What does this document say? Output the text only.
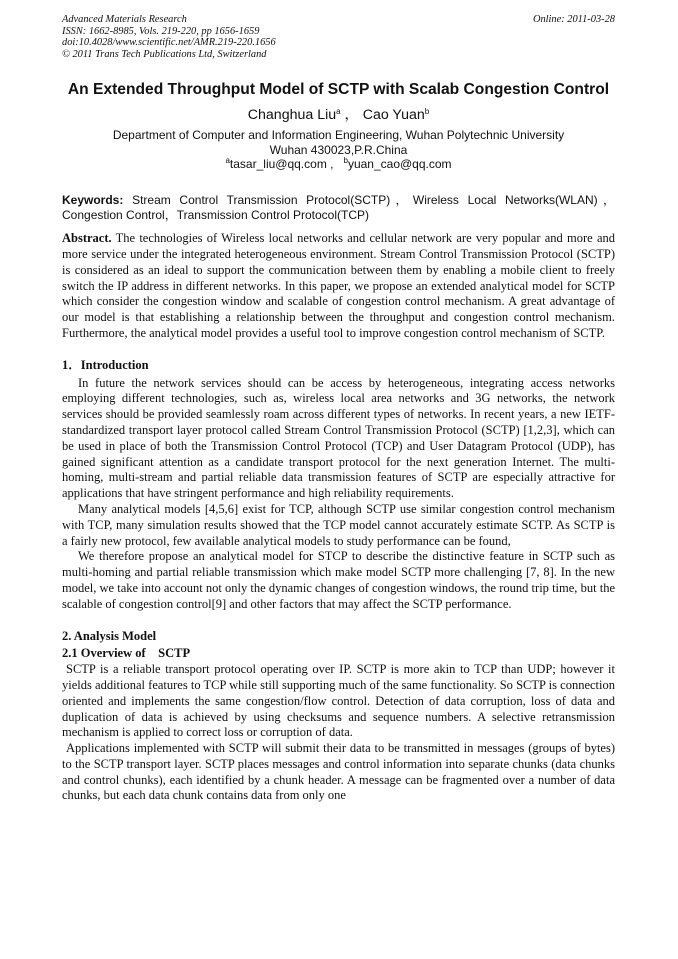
Advanced Materials Research
ISSN: 1662-8985, Vols. 219-220, pp 1656-1659
doi:10.4028/www.scientific.net/AMR.219-220.1656
© 2011 Trans Tech Publications Ltd, Switzerland
Online: 2011-03-28
An Extended Throughput Model of SCTP with Scalab Congestion Control
Changhua Liu$^a$ ， Cao Yuan$^b$
Department of Computer and Information Engineering, Wuhan Polytechnic University
Wuhan 430023,P.R.China
$^a$tasar_liu@qq.com , $^b$yuan_cao@qq.com
Keywords: Stream Control Transmission Protocol(SCTP)，Wireless Local Networks(WLAN)，Congestion Control，Transmission Control Protocol(TCP)

Abstract. The technologies of Wireless local networks and cellular network are very popular and more and more service under the integrated heterogeneous environment. Stream Control Transmission Protocol (SCTP) is considered as an ideal to support the communication between them by enabling a mobile client to freely switch the IP address in different networks. In this paper, we propose an extended analytical model for SCTP which consider the congestion window and scalable of congestion control mechanism. A great advantage of our model is that establishing a relationship between the throughput and congestion control mechanism. Furthermore, the analytical model provides a useful tool to improve congestion control mechanism of SCTP.

1．Introduction

In future the network services should can be access by heterogeneous, integrating access networks employing different technologies, such as, wireless local area networks and 3G networks, the network services should be provided seamlessly roam across different types of networks. In recent years, a new IETF-standardized transport layer protocol called Stream Control Transmission Protocol (SCTP) [1,2,3], which can be used in place of both the Transmission Control Protocol (TCP) and User Datagram Protocol (UDP), has gained significant attention as a candidate transport protocol for the next generation Internet. The multi-homing, multi-stream and partial reliable data transmission features of SCTP are especially attractive for applications that have stringent performance and high reliability requirements.

Many analytical models [4,5,6] exist for TCP, although SCTP use similar congestion control mechanism with TCP, many simulation results showed that the TCP model cannot accurately estimate SCTP. As SCTP is a fairly new protocol, few available analytical models to study performance can be found,

We therefore propose an analytical model for STCP to describe the distinctive feature in SCTP such as multi-homing and partial reliable transmission which make model SCTP more challenging [7, 8]. In the new model, we take into account not only the dynamic changes of congestion windows, the round trip time, but the scalable of congestion control[9] and other factors that may affect the SCTP performance.

2. Analysis Model
2.1 Overview of    SCTP

SCTP is a reliable transport protocol operating over IP. SCTP is more akin to TCP than UDP; however it yields additional features to TCP while still supporting much of the same functionality. So SCTP is connection oriented and implements the same congestion/flow control. Detection of data corruption, loss of data and duplication of data is achieved by using checksums and sequence numbers. A selective retransmission mechanism is applied to correct loss or corruption of data.

Applications implemented with SCTP will submit their data to be transmitted in messages (groups of bytes) to the SCTP transport layer. SCTP places messages and control information into separate chunks (data chunks and control chunks), each identified by a chunk header. A message can be fragmented over a number of data chunks, but each data chunk contains data from only one
